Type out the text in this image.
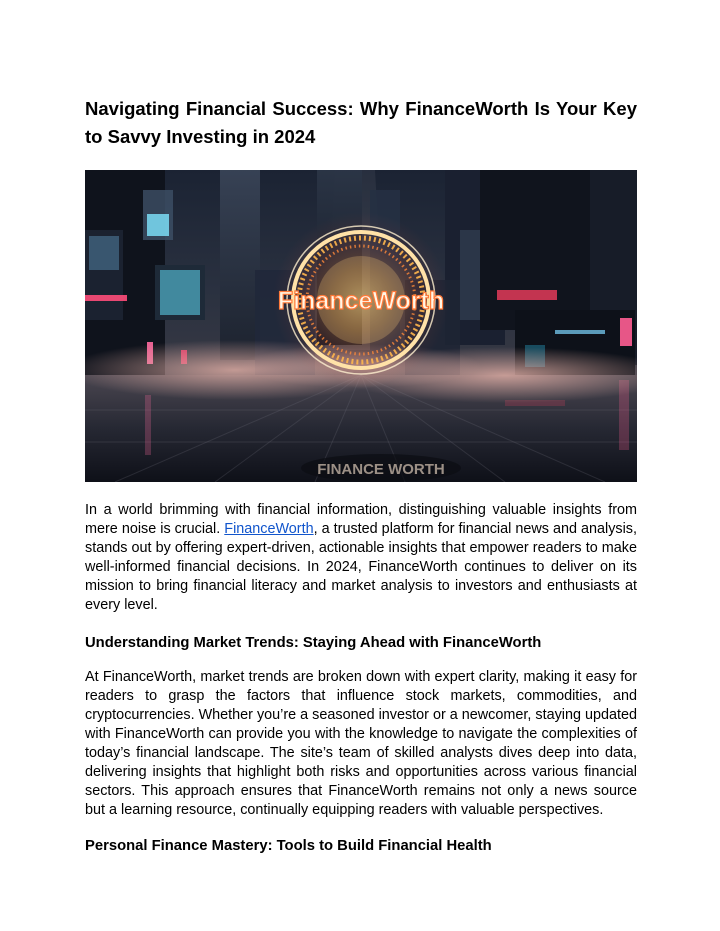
Navigating Financial Success: Why FinanceWorth Is Your Key to Savvy Investing in 2024
FinanceWorth
FINANCE WORTH

In a world brimming with financial information, distinguishing valuable insights from mere noise is crucial. FinanceWorth, a trusted platform for financial news and analysis, stands out by offering expert-driven, actionable insights that empower readers to make well-informed financial decisions. In 2024, FinanceWorth continues to deliver on its mission to bring financial literacy and market analysis to investors and enthusiasts at every level.

Understanding Market Trends: Staying Ahead with FinanceWorth

At FinanceWorth, market trends are broken down with expert clarity, making it easy for readers to grasp the factors that influence stock markets, commodities, and cryptocurrencies. Whether you’re a seasoned investor or a newcomer, staying updated with FinanceWorth can provide you with the knowledge to navigate the complexities of today’s financial landscape. The site’s team of skilled analysts dives deep into data, delivering insights that highlight both risks and opportunities across various financial sectors. This approach ensures that FinanceWorth remains not only a news source but a learning resource, continually equipping readers with valuable perspectives.

Personal Finance Mastery: Tools to Build Financial Health
